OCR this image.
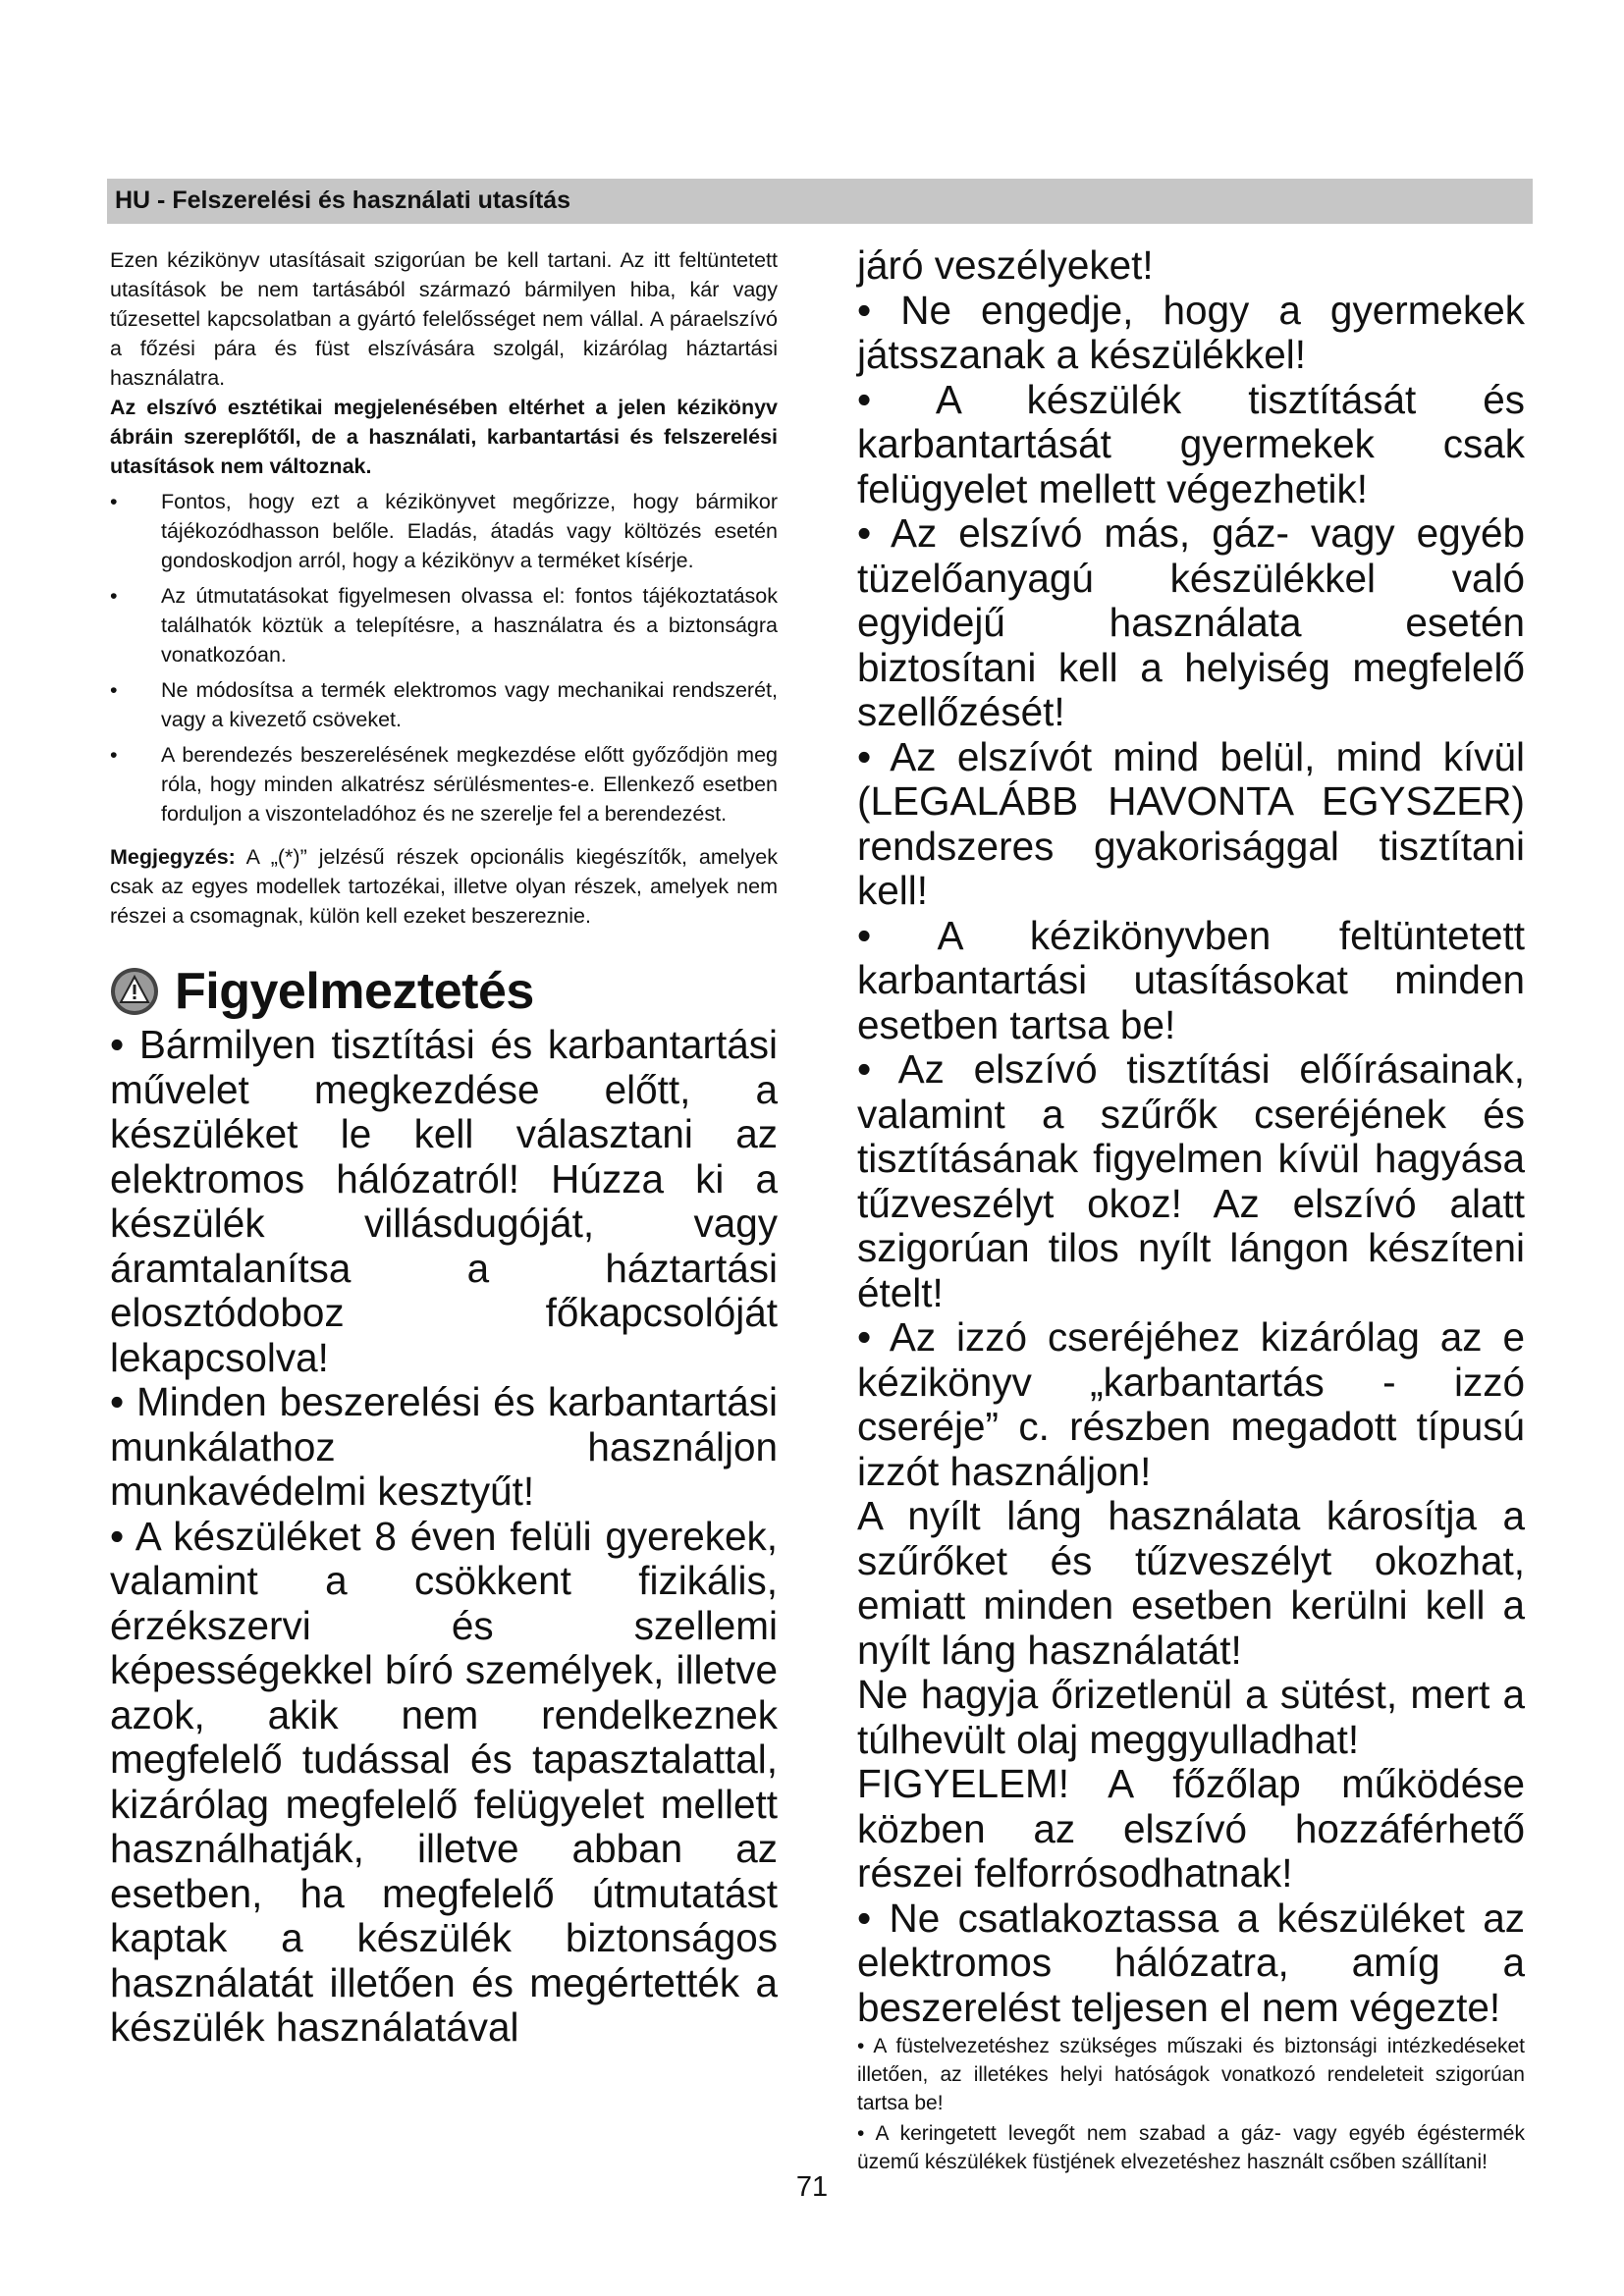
HU - Felszerelési és használati utasítás

Ezen kézikönyv utasításait szigorúan be kell tartani. Az itt feltüntetett utasítások be nem tartásából származó bármilyen hiba, kár vagy tűzesettel kapcsolatban a gyártó felelősséget nem vállal. A páraelszívó a főzési pára és füst elszívására szolgál, kizárólag háztartási használatra.

Az elszívó esztétikai megjelenésében eltérhet a jelen kézikönyv ábráin szereplőtől, de a használati, karbantartási és felszerelési utasítások nem változnak.

• Fontos, hogy ezt a kézikönyvet megőrizze, hogy bármikor tájékozódhasson belőle. Eladás, átadás vagy költözés esetén gondoskodjon arról, hogy a kézikönyv a terméket kísérje.
• Az útmutatásokat figyelmesen olvassa el: fontos tájékoztatások találhatók köztük a telepítésre, a használatra és a biztonságra vonatkozóan.
• Ne módosítsa a termék elektromos vagy mechanikai rendszerét, vagy a kivezető csöveket.
• A berendezés beszerelésének megkezdése előtt győződjön meg róla, hogy minden alkatrész sérülésmentes-e. Ellenkező esetben forduljon a viszonteladóhoz és ne szerelje fel a berendezést.

Megjegyzés: A „(*)” jelzésű részek opcionális kiegészítők, amelyek csak az egyes modellek tartozékai, illetve olyan részek, amelyek nem részei a csomagnak, külön kell ezeket beszereznie.

Figyelmeztetés

• Bármilyen tisztítási és karbantartási művelet megkezdése előtt, a készüléket le kell választani az elektromos hálózatról! Húzza ki a készülék villásdugóját, vagy áramtalanítsa a háztartási elosztódoboz főkapcsolóját lekapcsolva!

• Minden beszerelési és karbantartási munkálathoz használjon munkavédelmi kesztyűt!

• A készüléket 8 éven felüli gyerekek, valamint a csökkent fizikális, érzékszervi és szellemi képességekkel bíró személyek, illetve azok, akik nem rendelkeznek megfelelő tudással és tapasztalattal, kizárólag megfelelő felügyelet mellett használhatják, illetve abban az esetben, ha megfelelő útmutatást kaptak a készülék biztonságos használatát illetően és megértették a készülék használatával

járó veszélyeket!

• Ne engedje, hogy a gyermekek játsszanak a készülékkel!

• A készülék tisztítását és karbantartását gyermekek csak felügyelet mellett végezhetik!

• Az elszívó más, gáz- vagy egyéb tüzelőanyagú készülékkel való egyidejű használata esetén biztosítani kell a helyiség megfelelő szellőzését!

• Az elszívót mind belül, mind kívül (LEGALÁBB HAVONTA EGYSZER) rendszeres gyakorisággal tisztítani kell!

• A kézikönyvben feltüntetett karbantartási utasításokat minden esetben tartsa be!

• Az elszívó tisztítási előírásainak, valamint a szűrők cseréjének és tisztításának figyelmen kívül hagyása tűzveszélyt okoz! Az elszívó alatt szigorúan tilos nyílt lángon készíteni ételt!

• Az izzó cseréjéhez kizárólag az e kézikönyv „karbantartás - izzó cseréje” c. részben megadott típusú izzót használjon!

A nyílt láng használata károsítja a szűrőket és tűzveszélyt okozhat, emiatt minden esetben kerülni kell a nyílt láng használatát!

Ne hagyja őrizetlenül a sütést, mert a túlhevült olaj meggyulladhat!

FIGYELEM! A főzőlap működése közben az elszívó hozzáférhető részei felforrósodhatnak!

• Ne csatlakoztassa a készüléket az elektromos hálózatra, amíg a beszerelést teljesen el nem végezte!

• A füstelvezetéshez szükséges műszaki és biztonsági intézkedéseket illetően, az illetékes helyi hatóságok vonatkozó rendeleteit szigorúan tartsa be!

• A keringetett levegőt nem szabad a gáz- vagy egyéb égéstermék üzemű készülékek füstjének elvezetéshez használt csőben szállítani!

71
